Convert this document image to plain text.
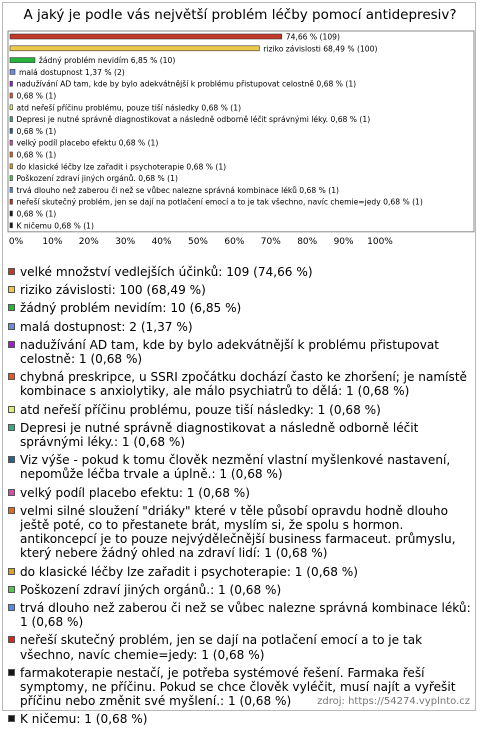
A jaký je podle vás největší problém léčby pomocí antidepresiv?
74,66 % (109)
riziko závislosti 68,49 % (100)
žádný problém nevidím 6,85 % (10)
malá dostupnost 1,37 % (2)
nadužívání AD tam, kde by bylo adekvátnější k problému přistupovat celostně 0,68 % (1)
0,68 % (1)
atd neřeší příčinu problému, pouze tiší následky 0,68 % (1)
Depresi je nutné správně diagnostikovat a následně odborně léčit správnými léky. 0,68 % (1)
0,68 % (1)
velký podíl placebo efektu 0,68 % (1)
0,68 % (1)
do klasické léčby lze zařadit i psychoterapie 0,68 % (1)
Poškození zdraví jiných orgánů. 0,68 % (1)
trvá dlouho než zaberou či než se vůbec nalezne správná kombinace léků 0,68 % (1)
neřeší skutečný problém, jen se dají na potlačení emocí a to je tak všechno, navíc chemie=jedy 0,68 % (1)
0,68 % (1)
K ničemu 0,68 % (1)
0% 10% 20% 30% 40% 50% 60% 70% 80% 90% 100%
velké množství vedlejších účinků: 109 (74,66 %)
riziko závislosti: 100 (68,49 %)
žádný problém nevidím: 10 (6,85 %)
malá dostupnost: 2 (1,37 %)
nadužívání AD tam, kde by bylo adekvátnější k problému přistupovat celostně: 1 (0,68 %)
chybná preskripce, u SSRI zpočátku dochází často ke zhoršení; je namístě kombinace s anxiolytiky, ale málo psychiatrů to dělá: 1 (0,68 %)
atd neřeší příčinu problému, pouze tiší následky: 1 (0,68 %)
Depresi je nutné správně diagnostikovat a následně odborně léčit správnými léky.: 1 (0,68 %)
Viz výše - pokud k tomu člověk nezmění vlastní myšlenkové nastavení, nepomůže léčba trvale a úplně.: 1 (0,68 %)
velký podíl placebo efektu: 1 (0,68 %)
velmi silné sloužení "driáky" které v těle působí opravdu hodně dlouho ještě poté, co to přestanete brát, myslím si, že spolu s hormon. antikoncepcí je to pouze nejvýdělečnější business farmaceut. průmyslu, který nebere žádný ohled na zdraví lidí: 1 (0,68 %)
do klasické léčby lze zařadit i psychoterapie: 1 (0,68 %)
Poškození zdraví jiných orgánů.: 1 (0,68 %)
trvá dlouho než zaberou či než se vůbec nalezne správná kombinace léků: 1 (0,68 %)
neřeší skutečný problém, jen se dají na potlačení emocí a to je tak všechno, navíc chemie=jedy: 1 (0,68 %)
farmakoterapie nestačí, je potřeba systémové řešení. Farmaka řeší symptomy, ne příčinu. Pokud se chce člověk vyléčit, musí najít a vyřešit příčinu nebo změnit své myšlení.: 1 (0,68 %)
K ničemu: 1 (0,68 %)
zdroj: https://54274.vyplnto.cz
